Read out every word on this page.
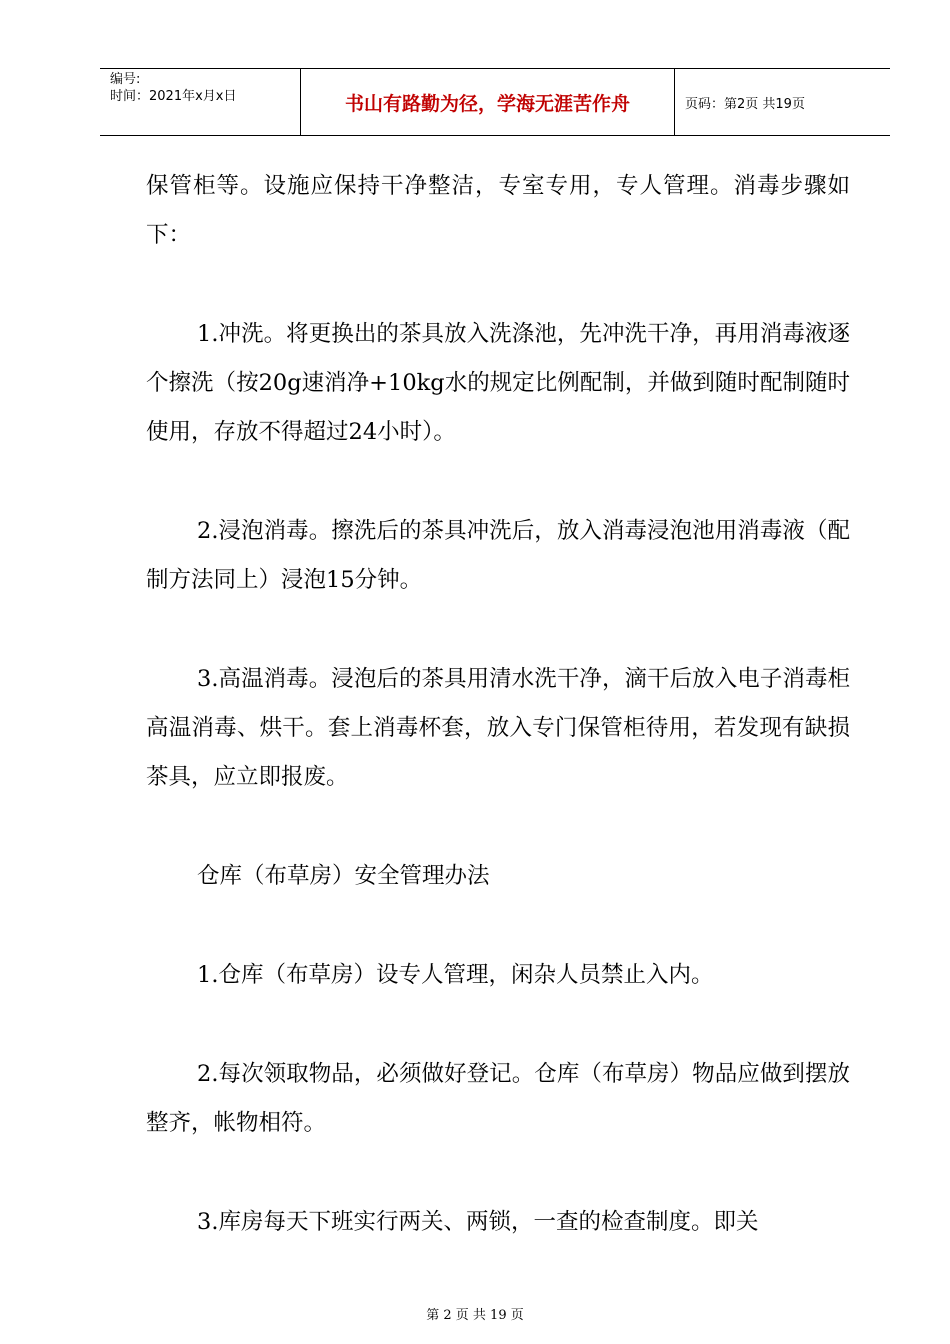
编号:
时间：2021年x月x日	书山有路勤为径，学海无涯苦作舟	页码：第2页 共19页

保管柜等。设施应保持干净整洁，专室专用，专人管理。消毒步骤如下：

1.冲洗。将更换出的茶具放入洗涤池，先冲洗干净，再用消毒液逐个擦洗（按20g速消净+10kg水的规定比例配制，并做到随时配制随时使用，存放不得超过24小时）。

2.浸泡消毒。擦洗后的茶具冲洗后，放入消毒浸泡池用消毒液（配制方法同上）浸泡15分钟。

3.高温消毒。浸泡后的茶具用清水洗干净，滴干后放入电子消毒柜高温消毒、烘干。套上消毒杯套，放入专门保管柜待用，若发现有缺损茶具，应立即报废。

仓库（布草房）安全管理办法

1.仓库（布草房）设专人管理，闲杂人员禁止入内。

2.每次领取物品，必须做好登记。仓库（布草房）物品应做到摆放整齐，帐物相符。

3.库房每天下班实行两关、两锁，一查的检查制度。即关

第 2 页 共 19 页
